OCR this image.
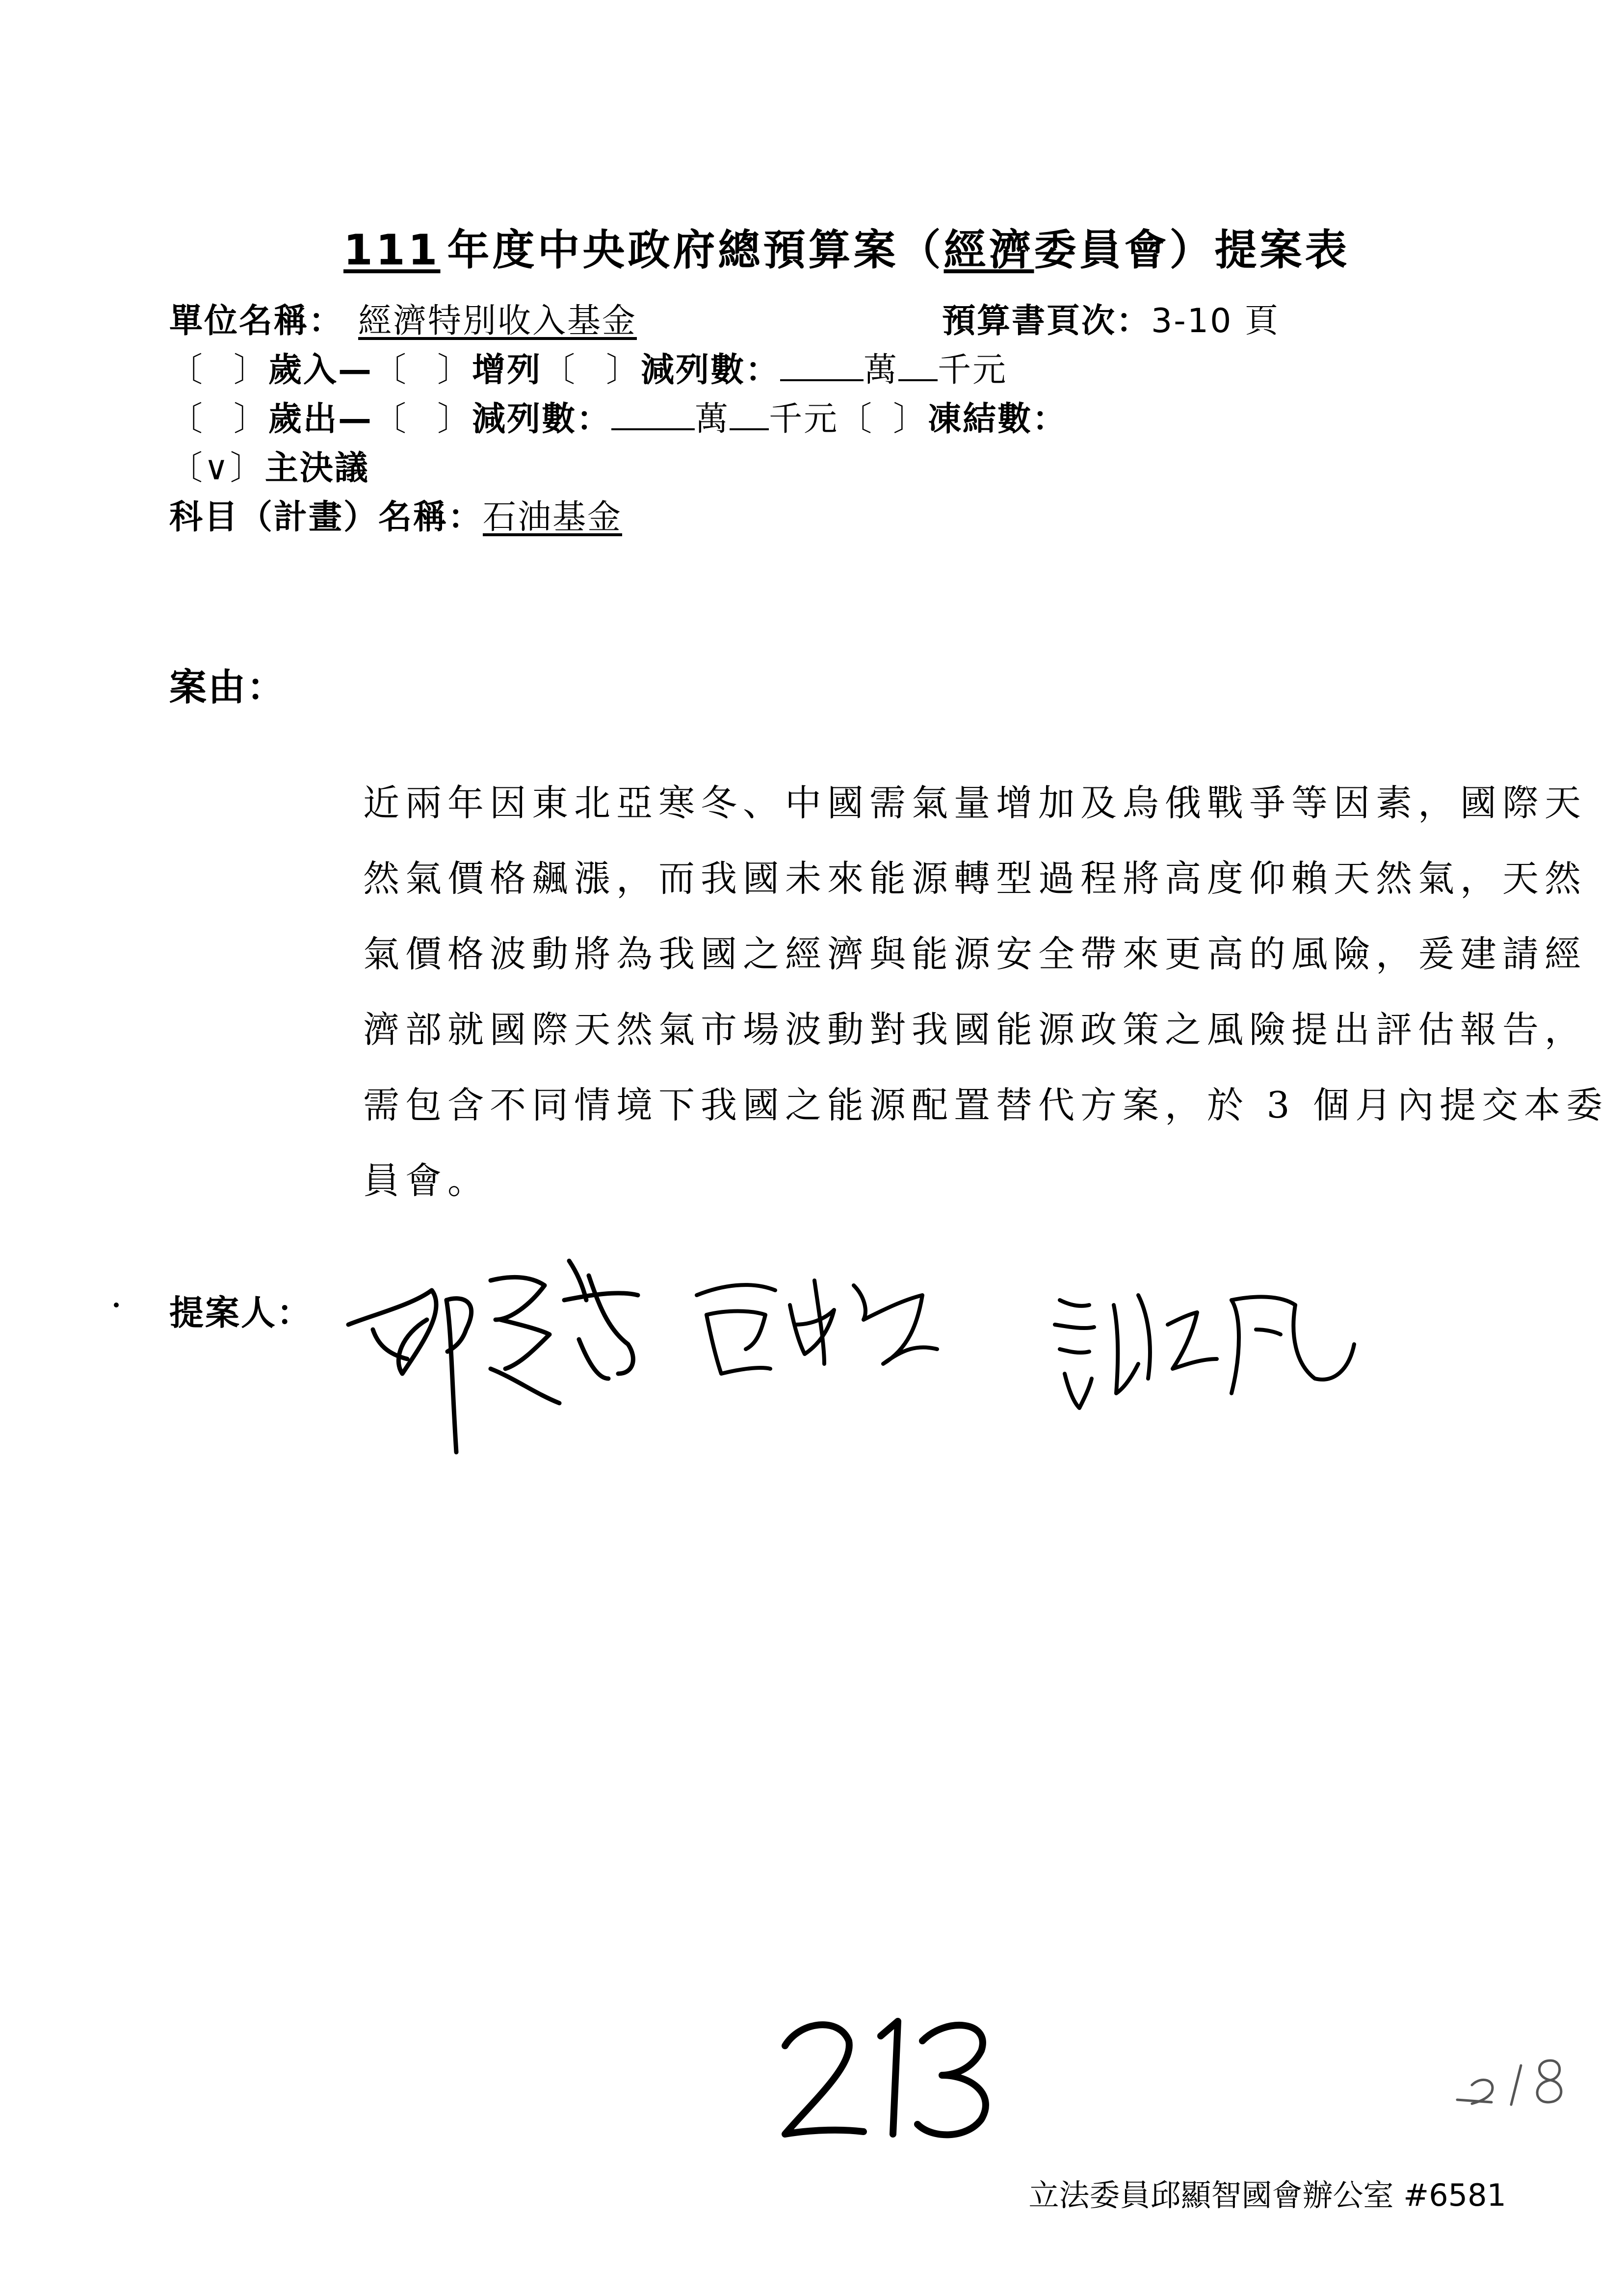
111 年度中央政府總預算案（經濟委員會）提案表
單位名稱： 經濟特別收入基金	預算書頁次：3-10 頁
〔 〕歲入—〔 〕增列〔 〕減列數：	萬 千元
〔 〕歲出—〔 〕減列數：	萬 千元〔 〕凍結數：
〔∨〕主決議
科目（計畫）名稱：石油基金
案由：
近兩年因東北亞寒冬、中國需氣量增加及烏俄戰爭等因素，國際天
然氣價格飆漲，而我國未來能源轉型過程將高度仰賴天然氣，天然
氣價格波動將為我國之經濟與能源安全帶來更高的風險，爰建請經
濟部就國際天然氣市場波動對我國能源政策之風險提出評估報告，
需包含不同情境下我國之能源配置替代方案，於 3 個月內提交本委
員會。
提案人：
立法委員邱顯智國會辦公室 #6581
